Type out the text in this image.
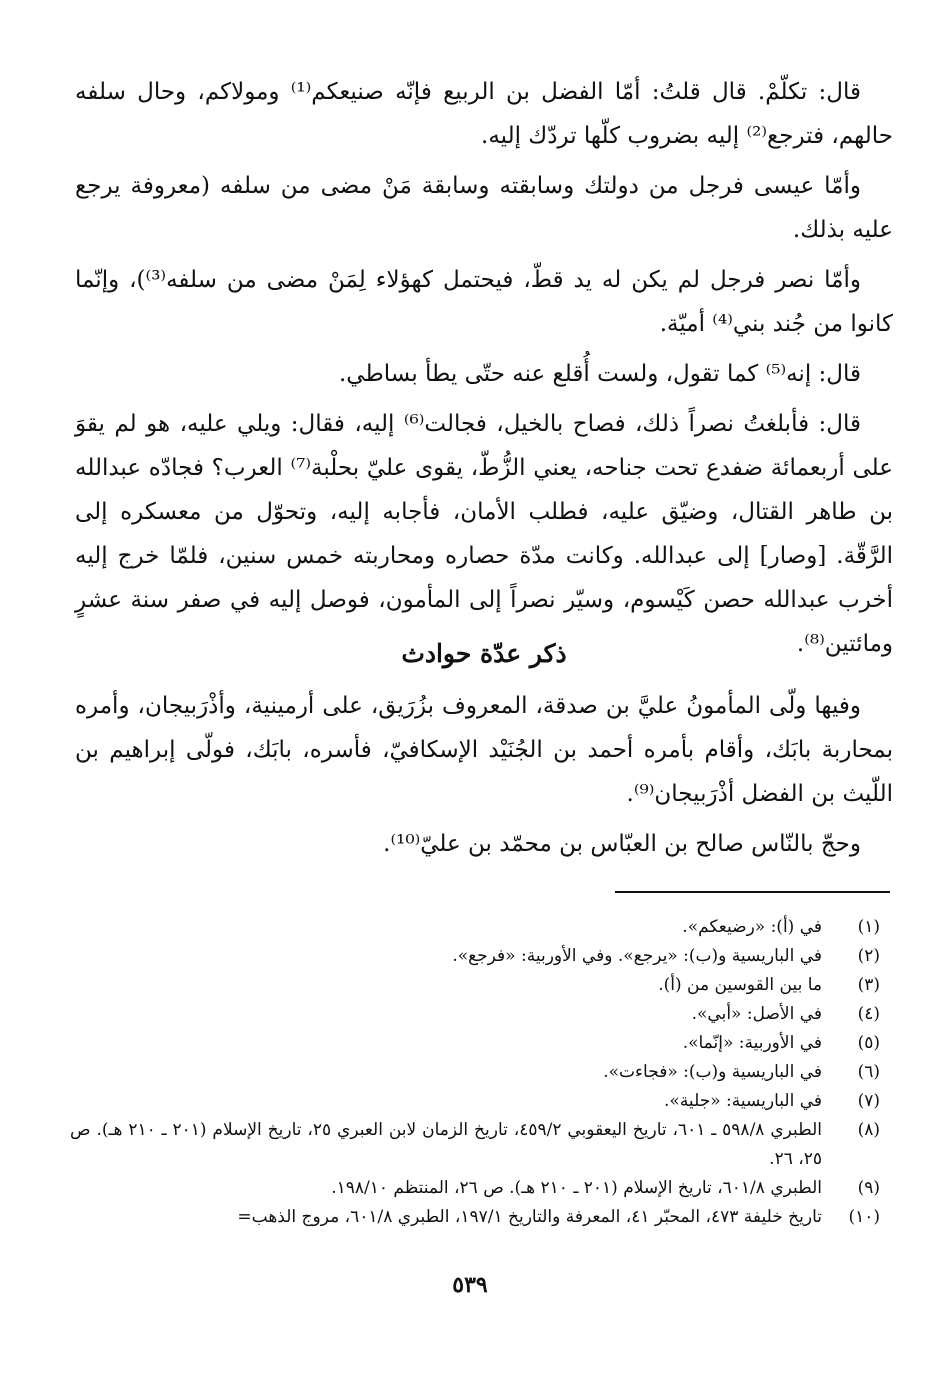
قال: تكلّمْ. قال قلتُ: أمّا الفضل بن الربيع فإنّه صنيعكم⁽¹⁾ ومولاكم، وحال سلفه حالهم، فترجع⁽²⁾ إليه بضروب كلّها تردّك إليه.

وأمّا عيسى فرجل من دولتك وسابقته وسابقة مَنْ مضى من سلفه (معروفة يرجع عليه بذلك.

وأمّا نصر فرجل لم يكن له يد قطّ، فيحتمل كهؤلاء لِمَنْ مضى من سلفه⁽³⁾)، وإنّما كانوا من جُند بني⁽⁴⁾ أميّة.

قال: إنه⁽⁵⁾ كما تقول، ولست أُقلع عنه حتّى يطأ بساطي.

قال: فأبلغتُ نصراً ذلك، فصاح بالخيل، فجالت⁽⁶⁾ إليه، فقال: ويلي عليه، هو لم يقوَ على أربعمائة ضفدع تحت جناحه، يعني الزُّطّ، يقوى عليّ بحلْبة⁽⁷⁾ العرب؟ فجادّه عبدالله بن طاهر القتال، وضيّق عليه، فطلب الأمان، فأجابه إليه، وتحوّل من معسكره إلى الرَّقّة. [وصار] إلى عبدالله. وكانت مدّة حصاره ومحاربته خمس سنين، فلمّا خرج إليه أخرب عبدالله حصن كَيْسوم، وسيّر نصراً إلى المأمون، فوصل إليه في صفر سنة عشرٍ ومائتين⁽⁸⁾.

ذكر عدّة حوادث

وفيها ولّى المأمونُ عليَّ بن صدقة، المعروف بزُرَيق، على أرمينية، وأذْرَبيجان، وأمره بمحاربة بابَك، وأقام بأمره أحمد بن الجُنَيْد الإسكافيّ، فأسره، بابَك، فولّى إبراهيم بن اللّيث بن الفضل أذْرَبيجان⁽⁹⁾.

وحجّ بالنّاس صالح بن العبّاس بن محمّد بن عليّ⁽¹⁰⁾.

(١)
في (أ): «رضيعكم».
(٢)
في الباريسية و(ب): «يرجع». وفي الأوربية: «فرجع».
(٣)
ما بين القوسين من (أ).
(٤)
في الأصل: «أبي».
(٥)
في الأوربية: «إنّما».
(٦)
في الباريسية و(ب): «فجاءت».
(٧)
في الباريسية: «جلية».
(٨)
الطبري ٥٩٨/٨ ـ ٦٠١، تاريخ اليعقوبي ٤٥٩/٢، تاريخ الزمان لابن العبري ٢٥، تاريخ الإسلام (٢٠١ ـ ٢١٠ هـ). ص ٢٥، ٢٦.
(٩)
الطبري ٦٠١/٨، تاريخ الإسلام (٢٠١ ـ ٢١٠ هـ). ص ٢٦، المنتظم ١٩٨/١٠.
(١٠)
تاريخ خليفة ٤٧٣، المحبّر ٤١، المعرفة والتاريخ ١٩٧/١، الطبري ٦٠١/٨، مروج الذهب=
٥٣٩
